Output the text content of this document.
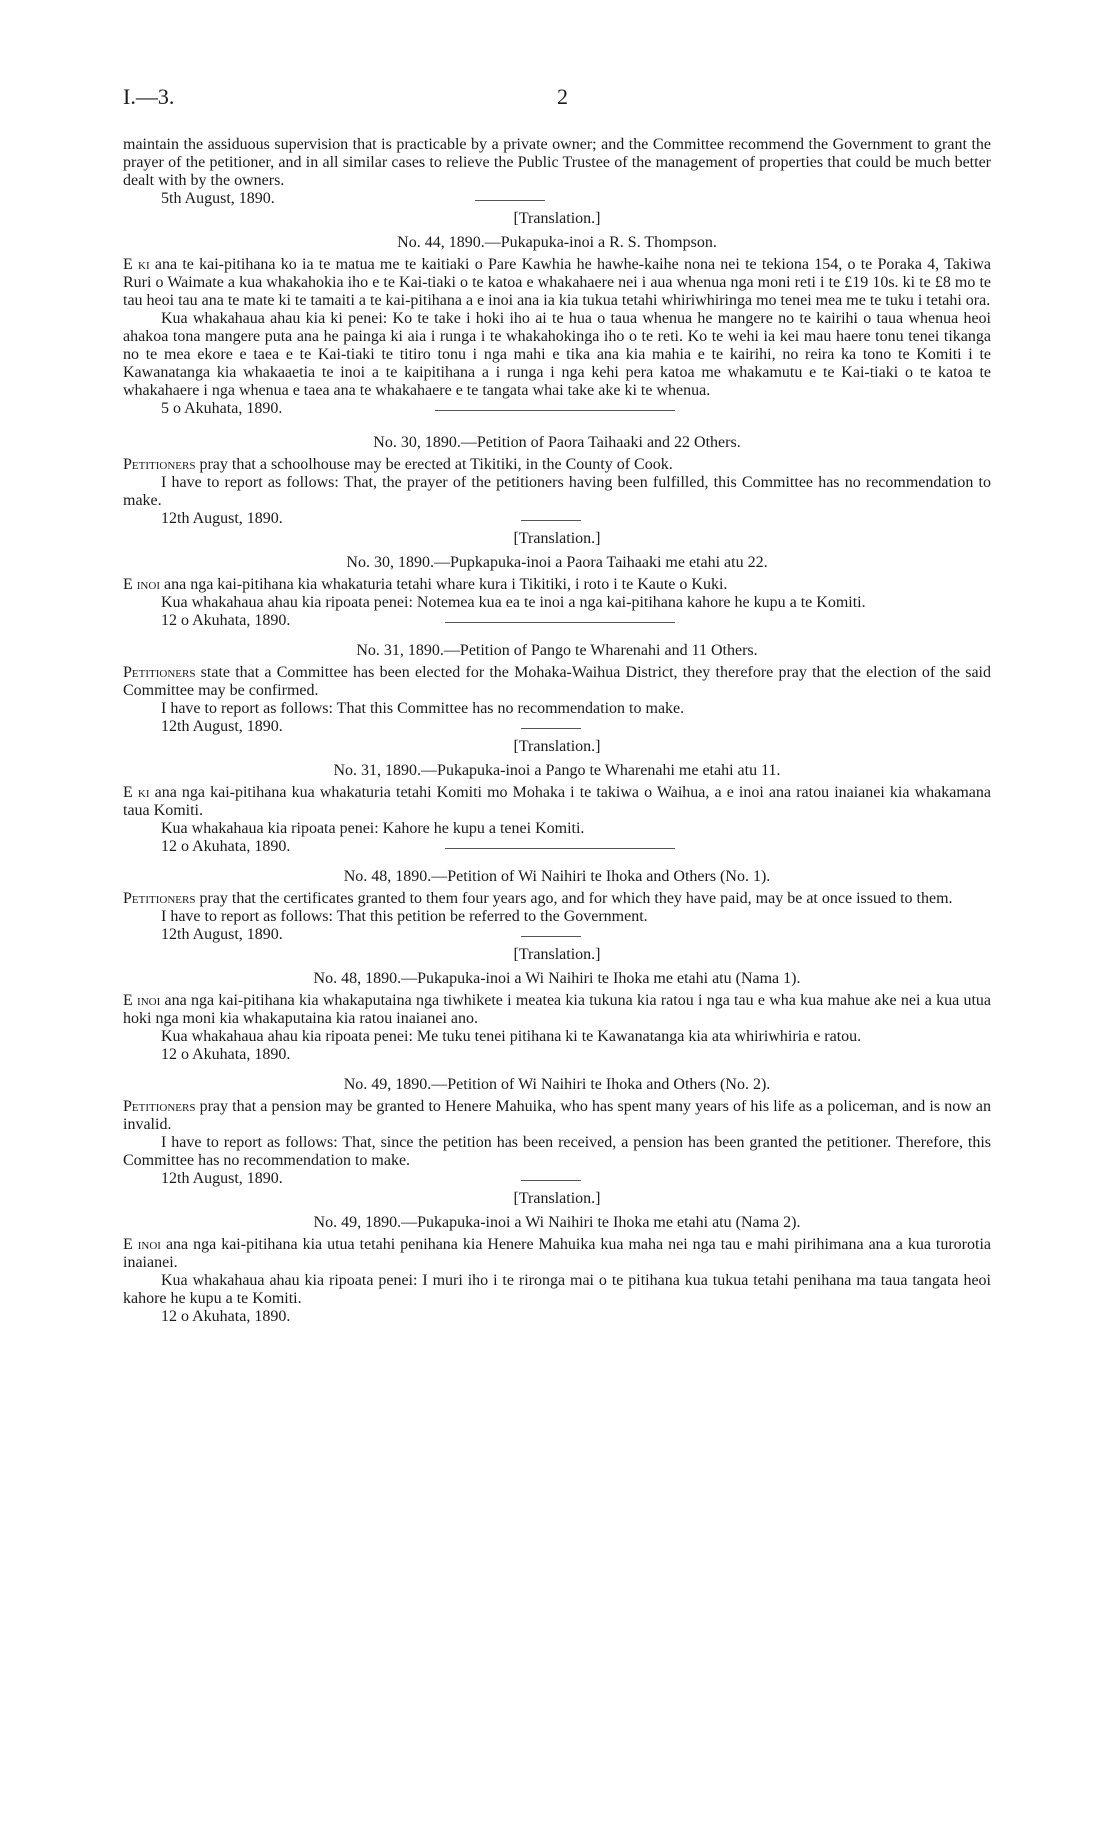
I.—3.	2

maintain the assiduous supervision that is practicable by a private owner; and the Committee recommend the Government to grant the prayer of the petitioner, and in all similar cases to relieve the Public Trustee of the management of properties that could be much better dealt with by the owners.

5th August, 1890.

[Translation.]

No. 44, 1890.—Pukapuka-inoi a R. S. Thompson.

E ki ana te kai-pitihana ko ia te matua me te kaitiaki o Pare Kawhia he hawhe-kaihe nona nei te tekiona 154, o te Poraka 4, Takiwa Ruri o Waimate a kua whakahokia iho e te Kai-tiaki o te katoa e whakahaere nei i aua whenua nga moni reti i te £19 10s. ki te £8 mo te tau heoi tau ana te mate ki te tamaiti a te kai-pitihana a e inoi ana ia kia tukua tetahi whiriwhiringa mo tenei mea me te tuku i tetahi ora.

Kua whakahaua ahau kia ki penei: Ko te take i hoki iho ai te hua o taua whenua he mangere no te kairihi o taua whenua heoi ahakoa tona mangere puta ana he painga ki aia i runga i te whakahokinga iho o te reti. Ko te wehi ia kei mau haere tonu tenei tikanga no te mea ekore e taea e te Kai-tiaki te titiro tonu i nga mahi e tika ana kia mahia e te kairihi, no reira ka tono te Komiti i te Kawanatanga kia whakaaetia te inoi a te kaipitihana a i runga i nga kehi pera katoa me whakamutu e te Kai-tiaki o te katoa te whakahaere i nga whenua e taea ana te whakahaere e te tangata whai take ake ki te whenua.

5 o Akuhata, 1890.

No. 30, 1890.—Petition of Paora Taihaaki and 22 Others.

Petitioners pray that a schoolhouse may be erected at Tikitiki, in the County of Cook.

I have to report as follows: That, the prayer of the petitioners having been fulfilled, this Committee has no recommendation to make.

12th August, 1890.

[Translation.]

No. 30, 1890.—Pupkapuka-inoi a Paora Taihaaki me etahi atu 22.

E inoi ana nga kai-pitihana kia whakaturia tetahi whare kura i Tikitiki, i roto i te Kaute o Kuki.

Kua whakahaua ahau kia ripoata penei: Notemea kua ea te inoi a nga kai-pitihana kahore he kupu a te Komiti.

12 o Akuhata, 1890.

No. 31, 1890.—Petition of Pango te Wharenahi and 11 Others.

Petitioners state that a Committee has been elected for the Mohaka-Waihua District, they therefore pray that the election of the said Committee may be confirmed.

I have to report as follows: That this Committee has no recommendation to make.

12th August, 1890.

[Translation.]

No. 31, 1890.—Pukapuka-inoi a Pango te Wharenahi me etahi atu 11.

E ki ana nga kai-pitihana kua whakaturia tetahi Komiti mo Mohaka i te takiwa o Waihua, a e inoi ana ratou inaianei kia whakamana taua Komiti.

Kua whakahaua kia ripoata penei: Kahore he kupu a tenei Komiti.

12 o Akuhata, 1890.

No. 48, 1890.—Petition of Wi Naihiri te Ihoka and Others (No. 1).

Petitioners pray that the certificates granted to them four years ago, and for which they have paid, may be at once issued to them.

I have to report as follows: That this petition be referred to the Government.

12th August, 1890.

[Translation.]

No. 48, 1890.—Pukapuka-inoi a Wi Naihiri te Ihoka me etahi atu (Nama 1).

E inoi ana nga kai-pitihana kia whakaputaina nga tiwhikete i meatea kia tukuna kia ratou i nga tau e wha kua mahue ake nei a kua utua hoki nga moni kia whakaputaina kia ratou inaianei ano.

Kua whakahaua ahau kia ripoata penei: Me tuku tenei pitihana ki te Kawanatanga kia ata whiriwhiria e ratou.

12 o Akuhata, 1890.

No. 49, 1890.—Petition of Wi Naihiri te Ihoka and Others (No. 2).

Petitioners pray that a pension may be granted to Henere Mahuika, who has spent many years of his life as a policeman, and is now an invalid.

I have to report as follows: That, since the petition has been received, a pension has been granted the petitioner. Therefore, this Committee has no recommendation to make.

12th August, 1890.

[Translation.]

No. 49, 1890.—Pukapuka-inoi a Wi Naihiri te Ihoka me etahi atu (Nama 2).

E inoi ana nga kai-pitihana kia utua tetahi penihana kia Henere Mahuika kua maha nei nga tau e mahi pirihimana ana a kua turorotia inaianei.

Kua whakahaua ahau kia ripoata penei: I muri iho i te rironga mai o te pitihana kua tukua tetahi penihana ma taua tangata heoi kahore he kupu a te Komiti.

12 o Akuhata, 1890.
